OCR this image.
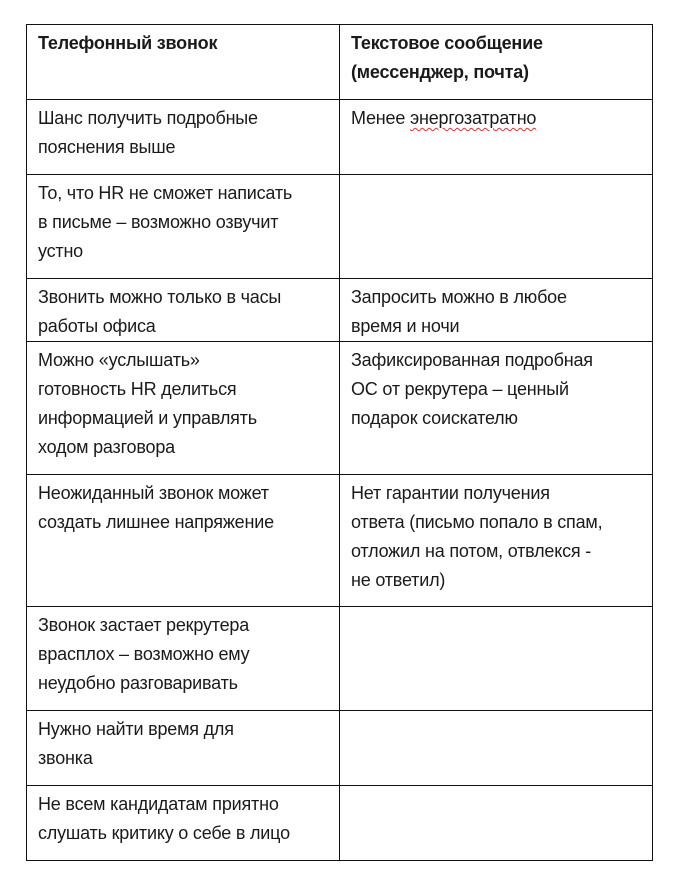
Телефонный звонок	Текстовое сообщение
(мессенджер, почта)

Шанс получить подробные
пояснения выше	Менее энергозатратно

То, что HR не сможет написать
в письме – возможно озвучит
устно	

Звонить можно только в часы
работы офиса	Запросить можно в любое
время и ночи

Можно «услышать»
готовность HR делиться
информацией и управлять
ходом разговора	Зафиксированная подробная
ОС от рекрутера – ценный
подарок соискателю

Неожиданный звонок может
создать лишнее напряжение	Нет гарантии получения
ответа (письмо попало в спам,
отложил на потом, отвлекся -
не ответил)

Звонок застает рекрутера
врасплох – возможно ему
неудобно разговаривать	

Нужно найти время для
звонка	

Не всем кандидатам приятно
слушать критику о себе в лицо	
